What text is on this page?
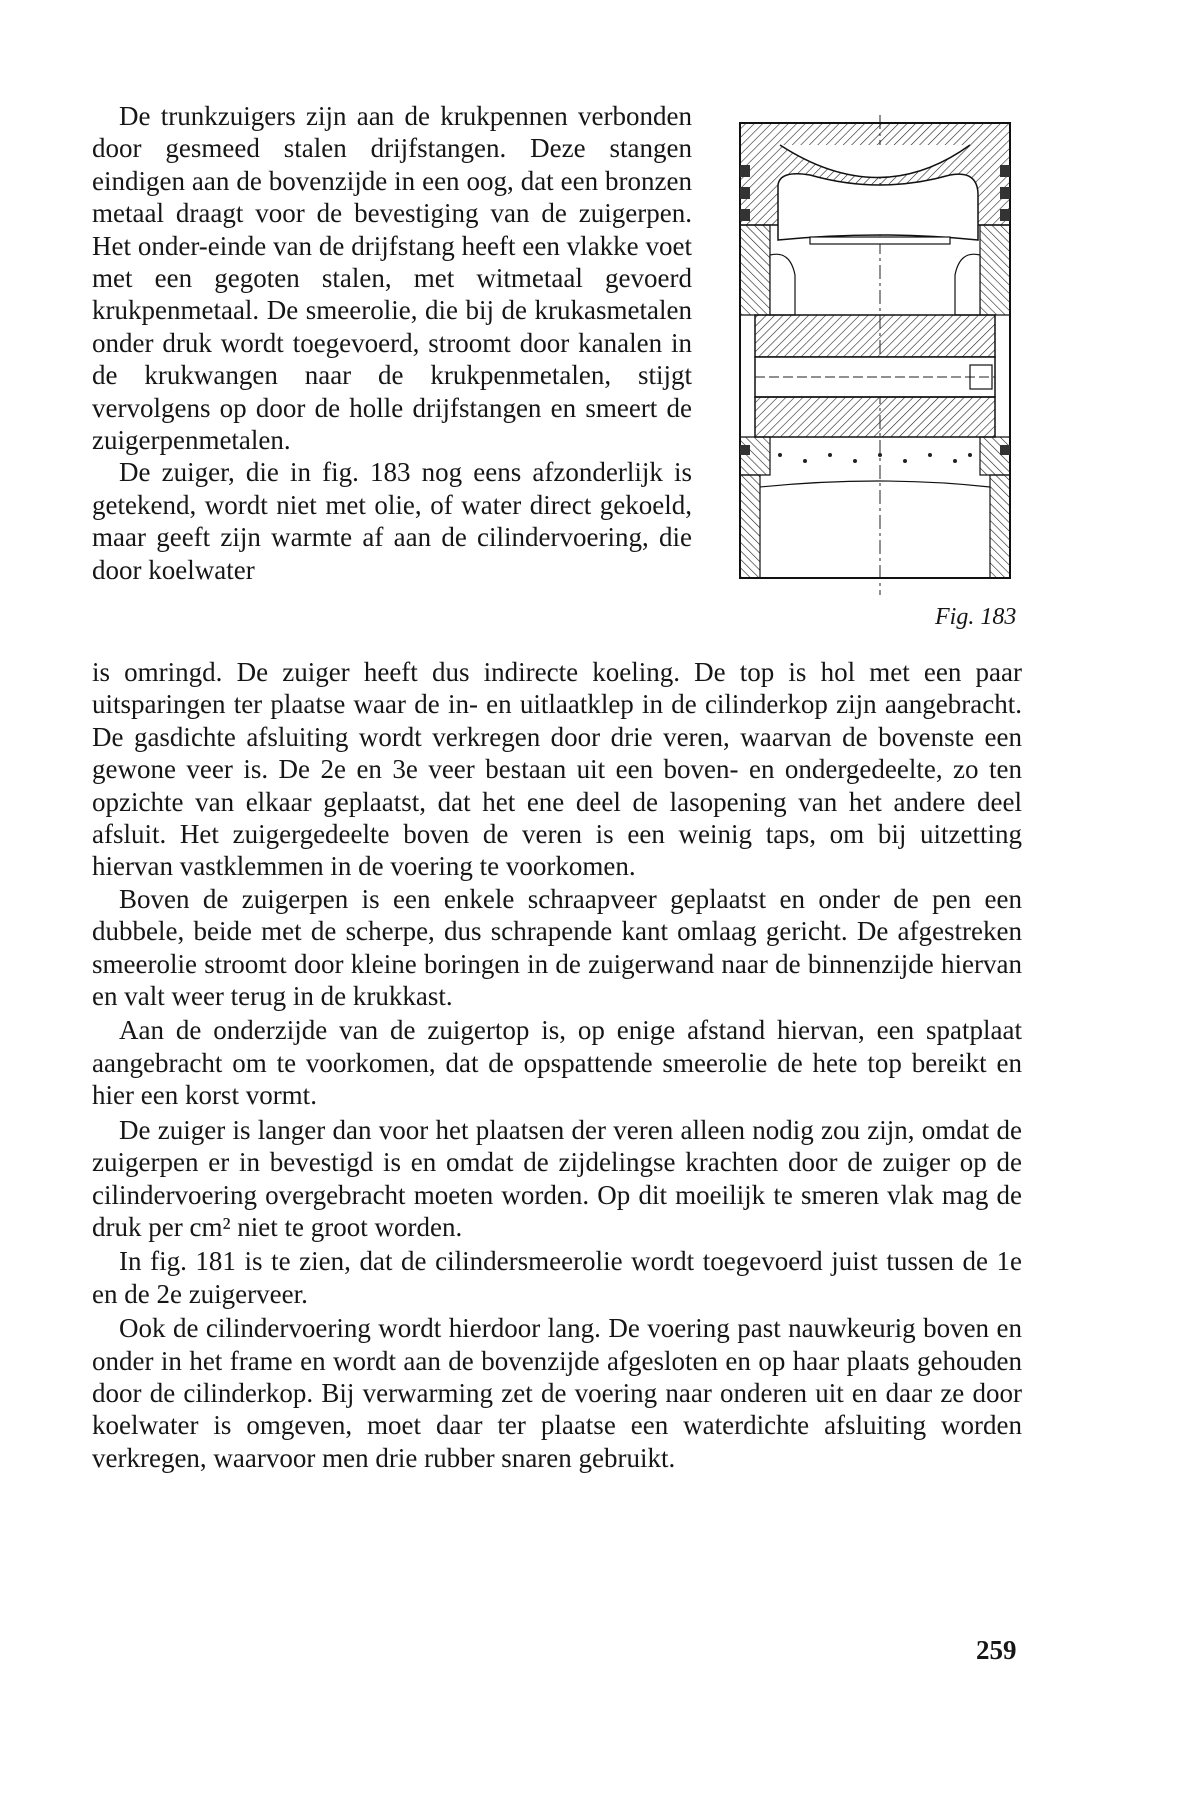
De trunkzuigers zijn aan de krukpennen verbonden door gesmeed stalen drijfstangen. Deze stangen eindigen aan de bovenzijde in een oog, dat een bronzen metaal draagt voor de bevestiging van de zuigerpen. Het onder-einde van de drijfstang heeft een vlakke voet met een gegoten stalen, met witmetaal gevoerd krukpenmetaal. De smeerolie, die bij de krukasmetalen onder druk wordt toegevoerd, stroomt door kanalen in de krukwangen naar de krukpenmetalen, stijgt vervolgens op door de holle drijfstangen en smeert de zuigerpenmetalen.

De zuiger, die in fig. 183 nog eens afzonderlijk is getekend, wordt niet met olie, of water direct gekoeld, maar geeft zijn warmte af aan de cilindervoering, die door koelwater

Fig. 183

is omringd. De zuiger heeft dus indirecte koeling. De top is hol met een paar uitsparingen ter plaatse waar de in- en uitlaatklep in de cilinderkop zijn aangebracht. De gasdichte afsluiting wordt verkregen door drie veren, waarvan de bovenste een gewone veer is. De 2e en 3e veer bestaan uit een boven- en ondergedeelte, zo ten opzichte van elkaar geplaatst, dat het ene deel de lasopening van het andere deel afsluit. Het zuigergedeelte boven de veren is een weinig taps, om bij uitzetting hiervan vastklemmen in de voering te voorkomen.

Boven de zuigerpen is een enkele schraapveer geplaatst en onder de pen een dubbele, beide met de scherpe, dus schrapende kant omlaag gericht. De afgestreken smeerolie stroomt door kleine boringen in de zuigerwand naar de binnenzijde hiervan en valt weer terug in de krukkast.

Aan de onderzijde van de zuigertop is, op enige afstand hiervan, een spatplaat aangebracht om te voorkomen, dat de opspattende smeerolie de hete top bereikt en hier een korst vormt.

De zuiger is langer dan voor het plaatsen der veren alleen nodig zou zijn, omdat de zuigerpen er in bevestigd is en omdat de zijdelingse krachten door de zuiger op de cilindervoering overgebracht moeten worden. Op dit moeilijk te smeren vlak mag de druk per cm² niet te groot worden.

In fig. 181 is te zien, dat de cilindersmeerolie wordt toegevoerd juist tussen de 1e en de 2e zuigerveer.

Ook de cilindervoering wordt hierdoor lang. De voering past nauwkeurig boven en onder in het frame en wordt aan de bovenzijde afgesloten en op haar plaats gehouden door de cilinderkop. Bij verwarming zet de voering naar onderen uit en daar ze door koelwater is omgeven, moet daar ter plaatse een waterdichte afsluiting worden verkregen, waarvoor men drie rubber snaren gebruikt.

259
